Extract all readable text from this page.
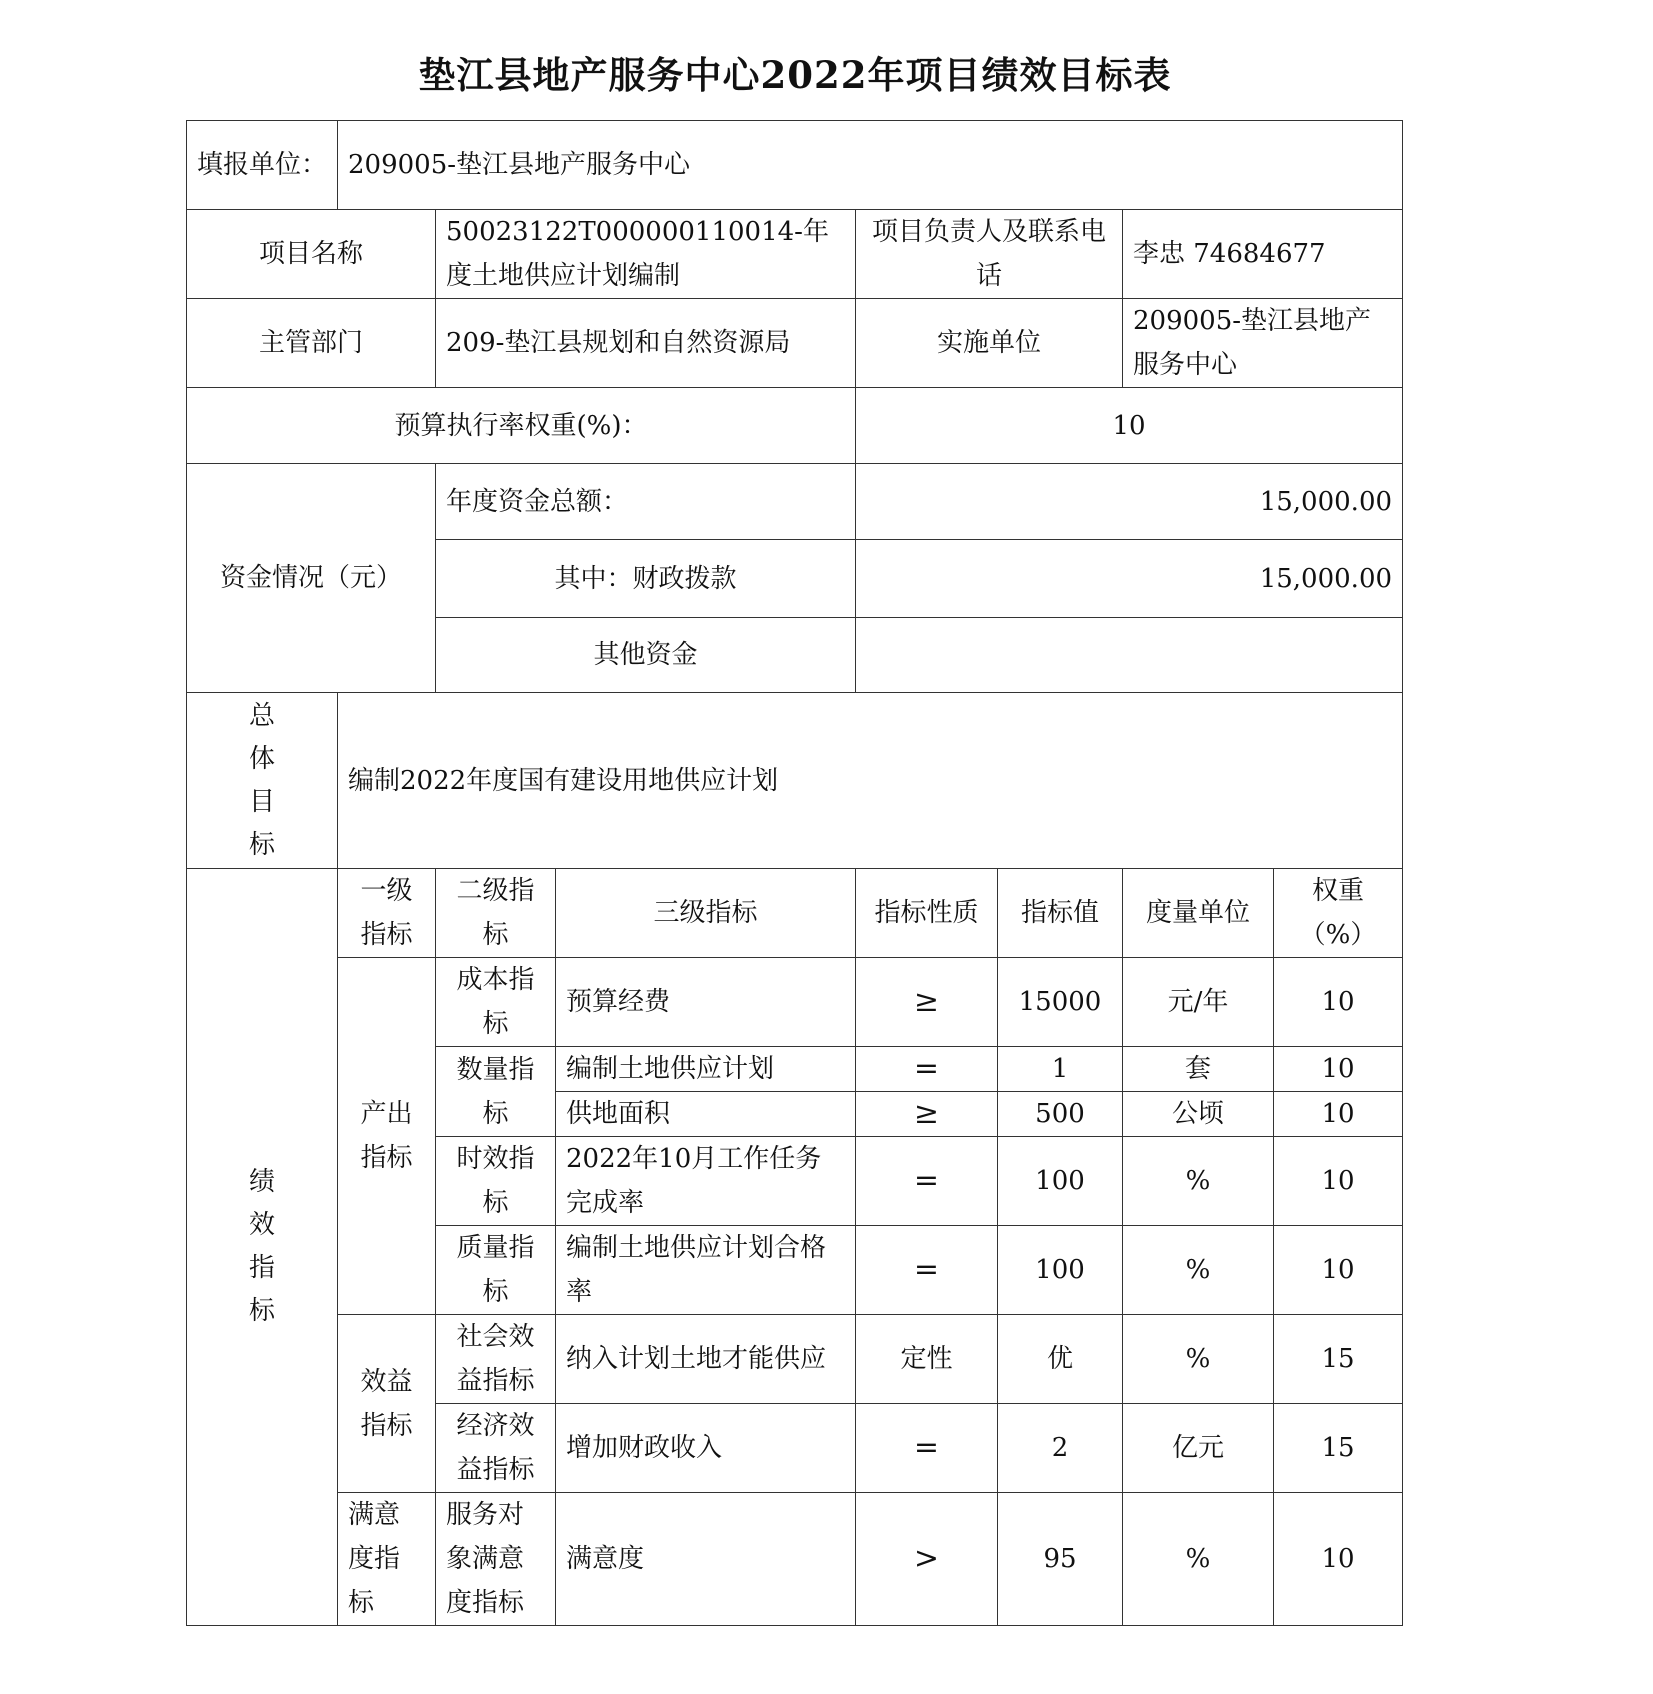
垫江县地产服务中心2022年项目绩效目标表
填报单位：	209005-垫江县地产服务中心						
项目名称		50023122T000000110014-年度土地供应计划编制		项目负责人及联系电话		李忠 74684677	
主管部门		209-垫江县规划和自然资源局		实施单位		209005-垫江县地产服务中心	
预算执行率权重(%)：				10			
资金情况（元）		年度资金总额：		15,000.00			
		其中：财政拨款		15,000.00			
		其他资金					
总体目标	编制2022年度国有建设用地供应计划						
绩效指标	一级指标	二级指标	三级指标	指标性质	指标值	度量单位	权重（%）
	产出指标	成本指标	预算经费	≥	15000	元/年	10
		数量指标	编制土地供应计划	=	1	套	10
			供地面积	≥	500	公顷	10
		时效指标	2022年10月工作任务完成率	=	100	%	10
		质量指标	编制土地供应计划合格率	=	100	%	10
	效益指标	社会效益指标	纳入计划土地才能供应	定性	优	%	15
		经济效益指标	增加财政收入	=	2	亿元	15
	满意度指标	服务对象满意度指标	满意度	>	95	%	10
